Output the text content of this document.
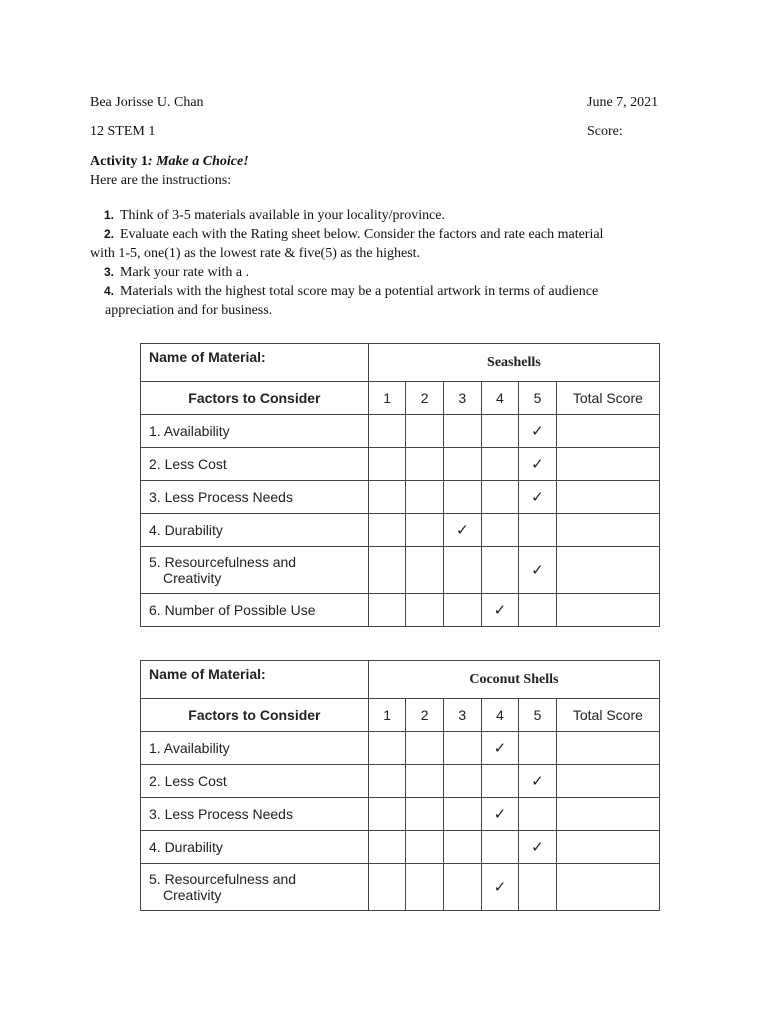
Bea Jorisse U. Chan	June 7, 2021
12 STEM 1	Score:
Activity 1: Make a Choice!
Here are the instructions:
1. Think of 3-5 materials available in your locality/province.
2. Evaluate each with the Rating sheet below. Consider the factors and rate each material
with 1-5, one(1) as the lowest rate & five(5) as the highest.
3. Mark your rate with a .
4. Materials with the highest total score may be a potential artwork in terms of audience
appreciation and for business.
Name of Material:	Seashells					
Factors to Consider	1	2	3	4	5	Total Score
1. Availability					✓	
2. Less Cost					✓	
3. Less Process Needs					✓	
4. Durability			✓			
5. Resourcefulness and
Creativity					✓	
6. Number of Possible Use				✓		
Name of Material:	Coconut Shells					
Factors to Consider	1	2	3	4	5	Total Score
1. Availability				✓		
2. Less Cost					✓	
3. Less Process Needs				✓		
4. Durability					✓	
5. Resourcefulness and
Creativity				✓		
